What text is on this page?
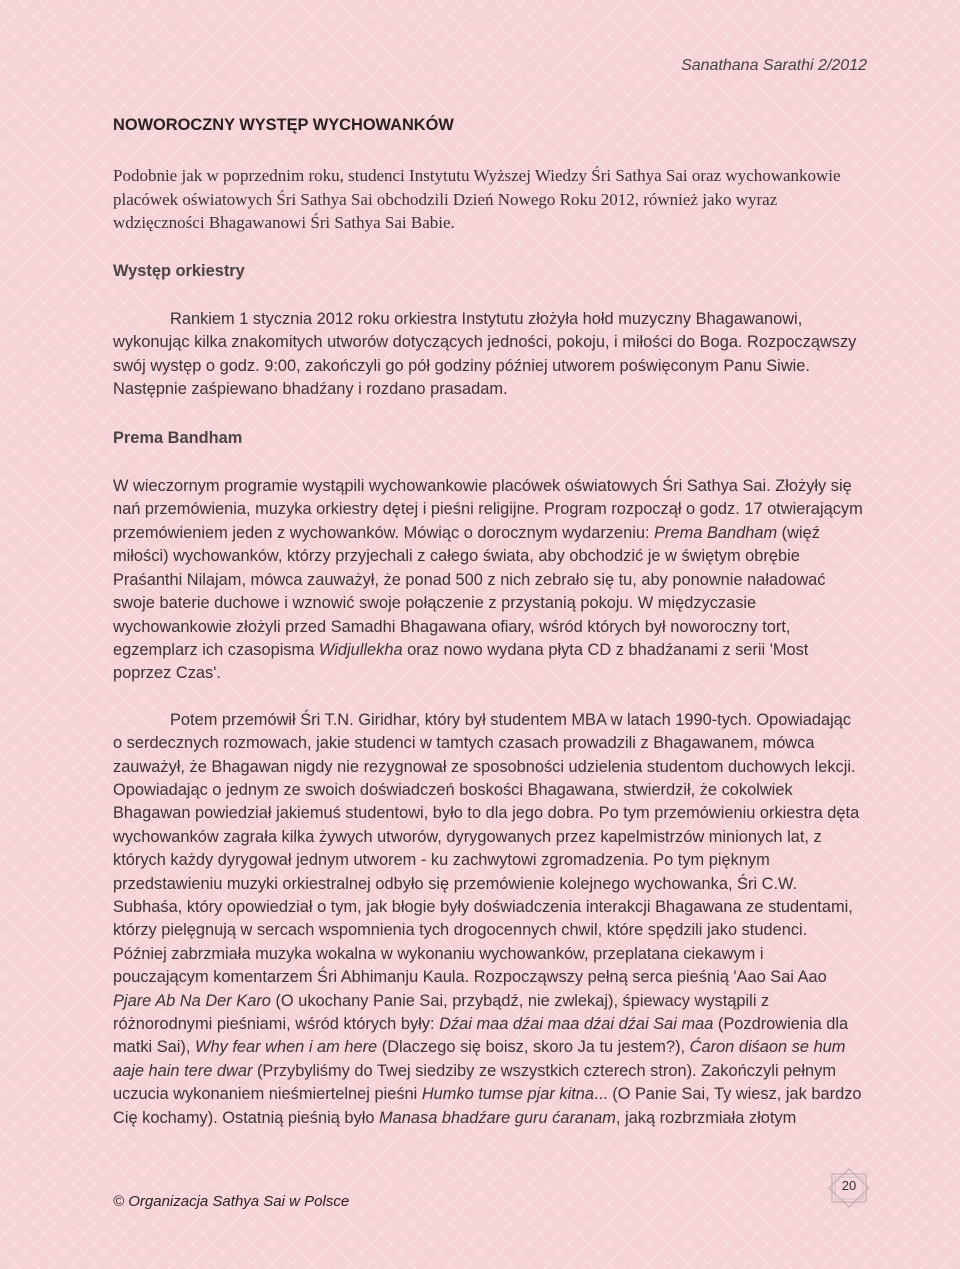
Sanathana Sarathi 2/2012

NOWOROCZNY WYSTĘP WYCHOWANKÓW

Podobnie jak w poprzednim roku, studenci Instytutu Wyższej Wiedzy Śri Sathya Sai oraz wychowankowie placówek oświatowych Śri Sathya Sai obchodzili Dzień Nowego Roku 2012, również jako wyraz wdzięczności Bhagawanowi Śri Sathya Sai Babie.

Występ orkiestry

Rankiem 1 stycznia 2012 roku orkiestra Instytutu złożyła hołd muzyczny Bhagawanowi, wykonując kilka znakomitych utworów dotyczących jedności, pokoju, i miłości do Boga. Rozpocząwszy swój występ o godz. 9:00, zakończyli go pół godziny później utworem poświęconym Panu Siwie. Następnie zaśpiewano bhadźany i rozdano prasadam.

Prema Bandham

W wieczornym programie wystąpili wychowankowie placówek oświatowych Śri Sathya Sai. Złożyły się nań przemówienia, muzyka orkiestry dętej i pieśni religijne. Program rozpoczął o godz. 17 otwierającym przemówieniem jeden z wychowanków. Mówiąc o dorocznym wydarzeniu: Prema Bandham (więź miłości) wychowanków, którzy przyjechali z całego świata, aby obchodzić je w świętym obrębie Praśanthi Nilajam, mówca zauważył, że ponad 500 z nich zebrało się tu, aby ponownie naładować swoje baterie duchowe i wznowić swoje połączenie z przystanią pokoju. W międzyczasie wychowankowie złożyli przed Samadhi Bhagawana ofiary, wśród których był noworoczny tort, egzemplarz ich czasopisma Widjullekha oraz nowo wydana płyta CD z bhadźanami z serii 'Most poprzez Czas'.

Potem przemówił Śri T.N. Giridhar, który był studentem MBA w latach 1990-tych. Opowiadając o serdecznych rozmowach, jakie studenci w tamtych czasach prowadzili z Bhagawanem, mówca zauważył, że Bhagawan nigdy nie rezygnował ze sposobności udzielenia studentom duchowych lekcji. Opowiadając o jednym ze swoich doświadczeń boskości Bhagawana, stwierdził, że cokolwiek Bhagawan powiedział jakiemuś studentowi, było to dla jego dobra. Po tym przemówieniu orkiestra dęta wychowanków zagrała kilka żywych utworów, dyrygowanych przez kapelmistrzów minionych lat, z których każdy dyrygował jednym utworem - ku zachwytowi zgromadzenia. Po tym pięknym przedstawieniu muzyki orkiestralnej odbyło się przemówienie kolejnego wychowanka, Śri C.W. Subhaśa, który opowiedział o tym, jak błogie były doświadczenia interakcji Bhagawana ze studentami, którzy pielęgnują w sercach wspomnienia tych drogocennych chwil, które spędzili jako studenci. Później zabrzmiała muzyka wokalna w wykonaniu wychowanków, przeplatana ciekawym i pouczającym komentarzem Śri Abhimanju Kaula. Rozpocząwszy pełną serca pieśnią 'Aao Sai Aao Pjare Ab Na Der Karo (O ukochany Panie Sai, przybądź, nie zwlekaj), śpiewacy wystąpili z różnorodnymi pieśniami, wśród których były: Dźai maa dźai maa dźai dźai Sai maa (Pozdrowienia dla matki Sai), Why fear when i am here (Dlaczego się boisz, skoro Ja tu jestem?), Ćaron diśaon se hum aaje hain tere dwar (Przybyliśmy do Twej siedziby ze wszystkich czterech stron). Zakończyli pełnym uczucia wykonaniem nieśmiertelnej pieśni Humko tumse pjar kitna... (O Panie Sai, Ty wiesz, jak bardzo Cię kochamy). Ostatnią pieśnią było Manasa bhadźare guru ćaranam, jaką rozbrzmiała złotym

© Organizacja Sathya Sai w Polsce
20
